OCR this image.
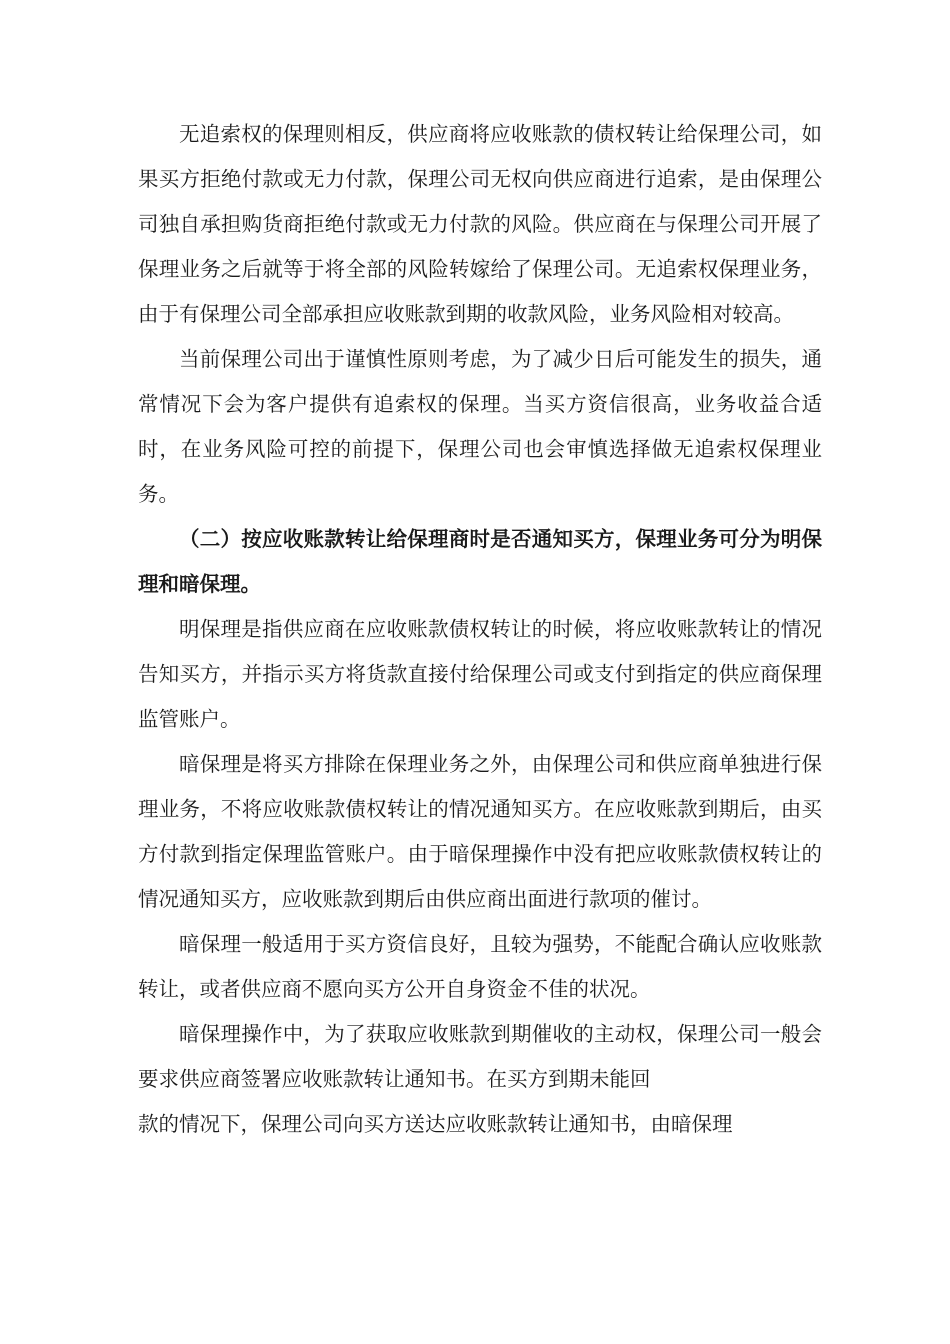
无追索权的保理则相反，供应商将应收账款的债权转让给保理公司，如果买方拒绝付款或无力付款，保理公司无权向供应商进行追索，是由保理公司独自承担购货商拒绝付款或无力付款的风险。供应商在与保理公司开展了保理业务之后就等于将全部的风险转嫁给了保理公司。无追索权保理业务，由于有保理公司全部承担应收账款到期的收款风险，业务风险相对较高。

当前保理公司出于谨慎性原则考虑，为了减少日后可能发生的损失，通常情况下会为客户提供有追索权的保理。当买方资信很高，业务收益合适时，在业务风险可控的前提下，保理公司也会审慎选择做无追索权保理业务。

（二）按应收账款转让给保理商时是否通知买方，保理业务可分为明保理和暗保理。

明保理是指供应商在应收账款债权转让的时候，将应收账款转让的情况告知买方，并指示买方将货款直接付给保理公司或支付到指定的供应商保理监管账户。

暗保理是将买方排除在保理业务之外，由保理公司和供应商单独进行保理业务，不将应收账款债权转让的情况通知买方。在应收账款到期后，由买方付款到指定保理监管账户。由于暗保理操作中没有把应收账款债权转让的情况通知买方，应收账款到期后由供应商出面进行款项的催讨。

暗保理一般适用于买方资信良好，且较为强势，不能配合确认应收账款转让，或者供应商不愿向买方公开自身资金不佳的状况。

暗保理操作中，为了获取应收账款到期催收的主动权，保理公司一般会要求供应商签署应收账款转让通知书。在买方到期未能回
款的情况下，保理公司向买方送达应收账款转让通知书，由暗保理
